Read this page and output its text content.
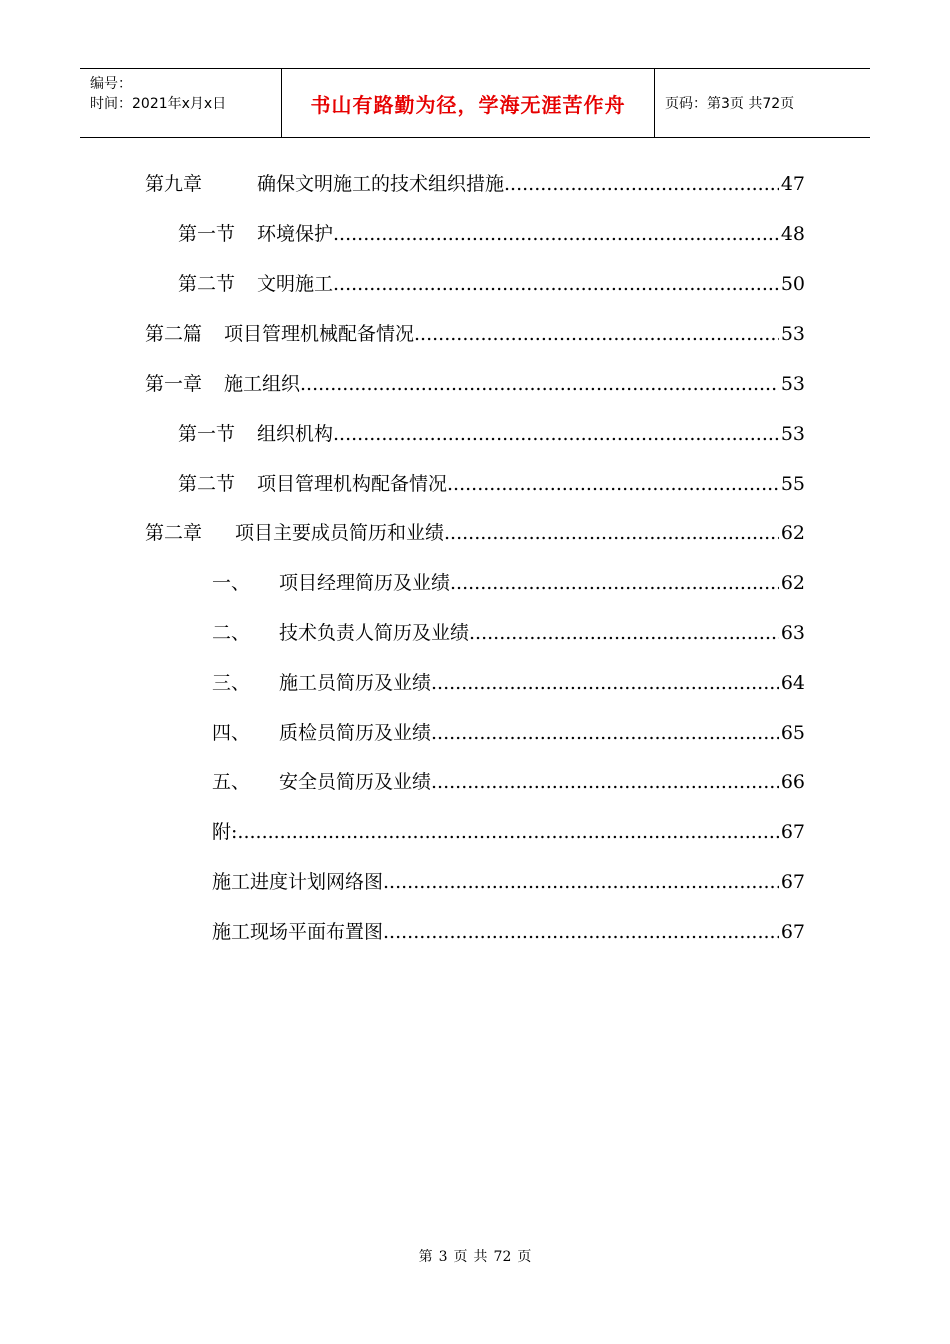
编号：
时间：2021年x月x日	书山有路勤为径，学海无涯苦作舟	页码：第3页 共72页
第九章	确保文明施工的技术组织措施 .....	47
第一节	环境保护 .....	48
第二节	文明施工 .....	50
第二篇	项目管理机械配备情况 .....	53
第一章	施工组织 .....	53
第一节	组织机构 .....	53
第二节	项目管理机构配备情况 .....	55
第二章	项目主要成员简历和业绩 .....	62
一、	项目经理简历及业绩 .....	62
二、	技术负责人简历及业绩 .....	63
三、	施工员简历及业绩 .....	64
四、	质检员简历及业绩 .....	65
五、	安全员简历及业绩 .....	66
附: .....	67
施工进度计划网络图 .....	67
施工现场平面布置图 .....	67
第 3 页 共 72 页
